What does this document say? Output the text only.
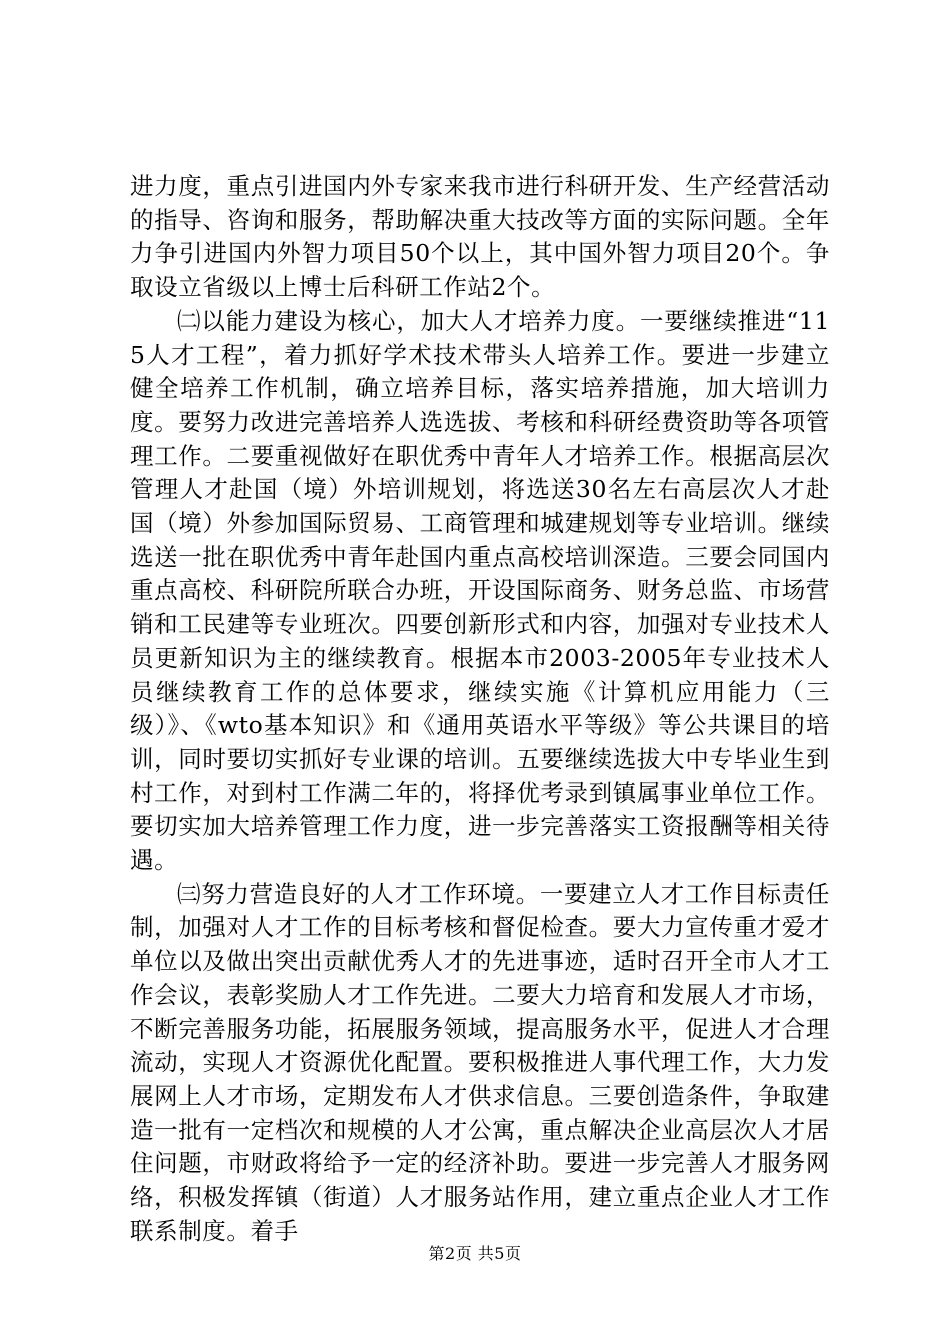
进力度，重点引进国内外专家来我市进行科研开发、生产经营活动的指导、咨询和服务，帮助解决重大技改等方面的实际问题。全年力争引进国内外智力项目50个以上，其中国外智力项目20个。争取设立省级以上博士后科研工作站2个。

㈡以能力建设为核心，加大人才培养力度。一要继续推进“115人才工程”，着力抓好学术技术带头人培养工作。要进一步建立健全培养工作机制，确立培养目标，落实培养措施，加大培训力度。要努力改进完善培养人选选拔、考核和科研经费资助等各项管理工作。二要重视做好在职优秀中青年人才培养工作。根据高层次管理人才赴国（境）外培训规划，将选送30名左右高层次人才赴国（境）外参加国际贸易、工商管理和城建规划等专业培训。继续选送一批在职优秀中青年赴国内重点高校培训深造。三要会同国内重点高校、科研院所联合办班，开设国际商务、财务总监、市场营销和工民建等专业班次。四要创新形式和内容，加强对专业技术人员更新知识为主的继续教育。根据本市2003-2005年专业技术人员继续教育工作的总体要求，继续实施《计算机应用能力（三级）》、《wto基本知识》和《通用英语水平等级》等公共课目的培训，同时要切实抓好专业课的培训。五要继续选拔大中专毕业生到村工作，对到村工作满二年的，将择优考录到镇属事业单位工作。要切实加大培养管理工作力度，进一步完善落实工资报酬等相关待遇。

㈢努力营造良好的人才工作环境。一要建立人才工作目标责任制，加强对人才工作的目标考核和督促检查。要大力宣传重才爱才单位以及做出突出贡献优秀人才的先进事迹，适时召开全市人才工作会议，表彰奖励人才工作先进。二要大力培育和发展人才市场，不断完善服务功能，拓展服务领域，提高服务水平，促进人才合理流动，实现人才资源优化配置。要积极推进人事代理工作，大力发展网上人才市场，定期发布人才供求信息。三要创造条件，争取建造一批有一定档次和规模的人才公寓，重点解决企业高层次人才居住问题，市财政将给予一定的经济补助。要进一步完善人才服务网络，积极发挥镇（街道）人才服务站作用，建立重点企业人才工作联系制度。着手

第2页 共5页
